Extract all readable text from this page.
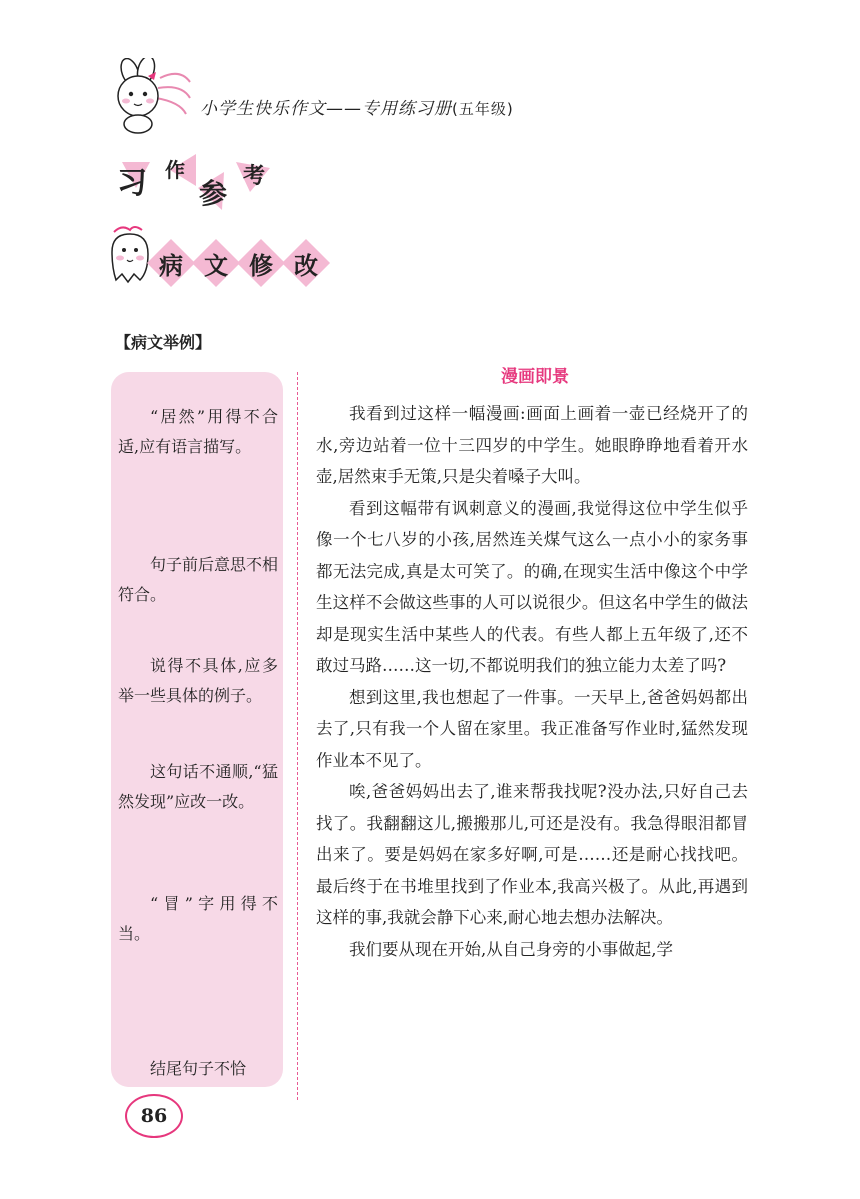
小学生快乐作文——专用练习册(五年级)
习 作
参
考
病 文 修 改
【病文举例】
“居然”用得不合适,应有语言描写。
句子前后意思不相符合。
说得不具体,应多举一些具体的例子。
这句话不通顺,“猛然发现”应改一改。
“冒”字用得不当。
结尾句子不恰
漫画即景

我看到过这样一幅漫画:画面上画着一壶已经烧开了的水,旁边站着一位十三四岁的中学生。她眼睁睁地看着开水壶,居然束手无策,只是尖着嗓子大叫。

看到这幅带有讽刺意义的漫画,我觉得这位中学生似乎像一个七八岁的小孩,居然连关煤气这么一点小小的家务事都无法完成,真是太可笑了。的确,在现实生活中像这个中学生这样不会做这些事的人可以说很少。但这名中学生的做法却是现实生活中某些人的代表。有些人都上五年级了,还不敢过马路……这一切,不都说明我们的独立能力太差了吗?

想到这里,我也想起了一件事。一天早上,爸爸妈妈都出去了,只有我一个人留在家里。我正准备写作业时,猛然发现作业本不见了。

唉,爸爸妈妈出去了,谁来帮我找呢?没办法,只好自己去找了。我翻翻这儿,搬搬那儿,可还是没有。我急得眼泪都冒出来了。要是妈妈在家多好啊,可是……还是耐心找找吧。最后终于在书堆里找到了作业本,我高兴极了。从此,再遇到这样的事,我就会静下心来,耐心地去想办法解决。

我们要从现在开始,从自己身旁的小事做起,学

86
